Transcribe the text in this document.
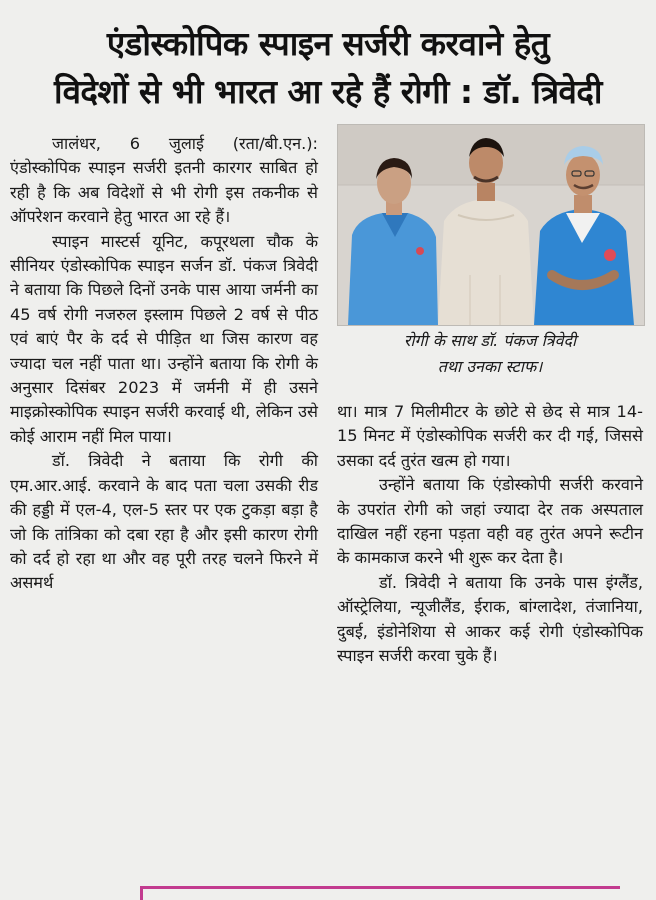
एंडोस्कोपिक स्पाइन सर्जरी करवाने हेतु
विदेशों से भी भारत आ रहे हैं रोगी : डॉ. त्रिवेदी

जालंधर, 6 जुलाई (रता/बी.एन.): एंडोस्कोपिक स्पाइन सर्जरी इतनी कारगर साबित हो रही है कि अब विदेशों से भी रोगी इस तकनीक से ऑपरेशन करवाने हेतु भारत आ रहे हैं।

स्पाइन मास्टर्स यूनिट, कपूरथला चौक के सीनियर एंडोस्कोपिक स्पाइन सर्जन डॉ. पंकज त्रिवेदी ने बताया कि पिछले दिनों उनके पास आया जर्मनी का 45 वर्ष रोगी नजरुल इस्लाम पिछले 2 वर्ष से पीठ एवं बाएं पैर के दर्द से पीड़ित था जिस कारण वह ज्यादा चल नहीं पाता था। उन्होंने बताया कि रोगी के अनुसार दिसंबर 2023 में जर्मनी में ही उसने माइक्रोस्कोपिक स्पाइन सर्जरी करवाई थी, लेकिन उसे कोई आराम नहीं मिल पाया।

डॉ. त्रिवेदी ने बताया कि रोगी की एम.आर.आई. करवाने के बाद पता चला उसकी रीड की हड्डी में एल-4, एल-5 स्तर पर एक टुकड़ा बड़ा है जो कि तांत्रिका को दबा रहा है और इसी कारण रोगी को दर्द हो रहा था और वह पूरी तरह चलने फिरने में असमर्थ

रोगी के साथ डॉ. पंकज त्रिवेदी
तथा उनका स्टाफ।

था। मात्र 7 मिलीमीटर के छोटे से छेद से मात्र 14-15 मिनट में एंडोस्कोपिक सर्जरी कर दी गई, जिससे उसका दर्द तुरंत खत्म हो गया।

उन्होंने बताया कि एंडोस्कोपी सर्जरी करवाने के उपरांत रोगी को जहां ज्यादा देर तक अस्पताल दाखिल नहीं रहना पड़ता वही वह तुरंत अपने रूटीन के कामकाज करने भी शुरू कर देता है।

डॉ. त्रिवेदी ने बताया कि उनके पास इंग्लैंड, ऑस्ट्रेलिया, न्यूजीलैंड, ईराक, बांग्लादेश, तंजानिया, दुबई, इंडोनेशिया से आकर कई रोगी एंडोस्कोपिक स्पाइन सर्जरी करवा चुके हैं।
